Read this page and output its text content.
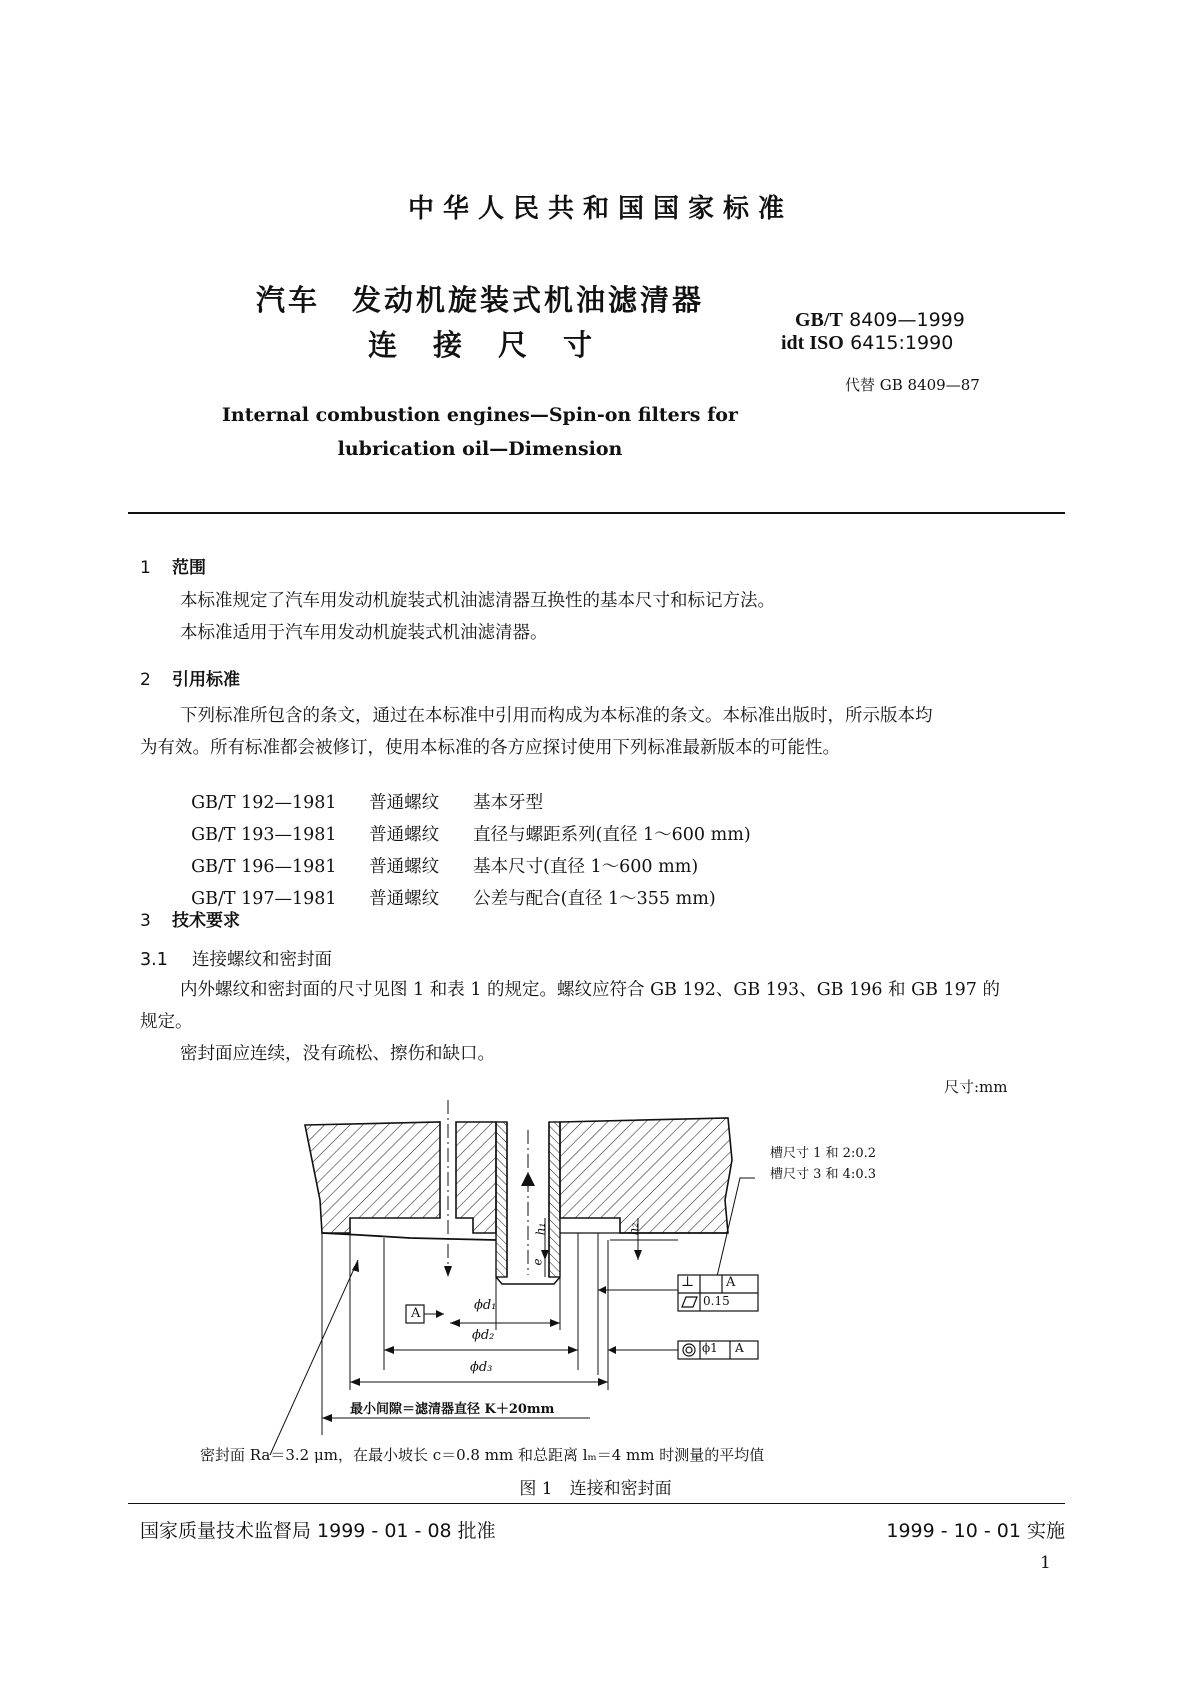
中华人民共和国国家标准
汽车　发动机旋装式机油滤清器
连接尺寸
GB/T 8409—1999
idt ISO 6415:1990
代替 GB 8409—87
Internal combustion engines—Spin-on filters for
lubrication oil—Dimension
1 范围
本标准规定了汽车用发动机旋装式机油滤清器互换性的基本尺寸和标记方法。
本标准适用于汽车用发动机旋装式机油滤清器。
2 引用标准
下列标准所包含的条文，通过在本标准中引用而构成为本标准的条文。本标准出版时，所示版本均
为有效。所有标准都会被修订，使用本标准的各方应探讨使用下列标准最新版本的可能性。

GB/T 192—1981 普通螺纹 基本牙型

GB/T 193—1981 普通螺纹 直径与螺距系列(直径 1～600 mm)

GB/T 196—1981 普通螺纹 基本尺寸(直径 1～600 mm)

GB/T 197—1981 普通螺纹 公差与配合(直径 1～355 mm)

3 技术要求
3.1 连接螺纹和密封面
内外螺纹和密封面的尺寸见图 1 和表 1 的规定。螺纹应符合 GB 192、GB 193、GB 196 和 GB 197 的
规定。
密封面应连续，没有疏松、擦伤和缺口。
尺寸:mm
槽尺寸 1 和 2:0.2
槽尺寸 3 和 4:0.3
⊥ A
0.15
ϕ1 A
A
ϕd₁
ϕd₂
ϕd₃
h₁	h₂
e
最小间隙＝滤清器直径 K＋20mm
密封面 Ra＝3.2 μm，在最小坡长 c＝0.8 mm 和总距离 lₘ＝4 mm 时测量的平均值
图 1　连接和密封面
国家质量技术监督局 1999 - 01 - 08 批准	1999 - 10 - 01 实施
1
